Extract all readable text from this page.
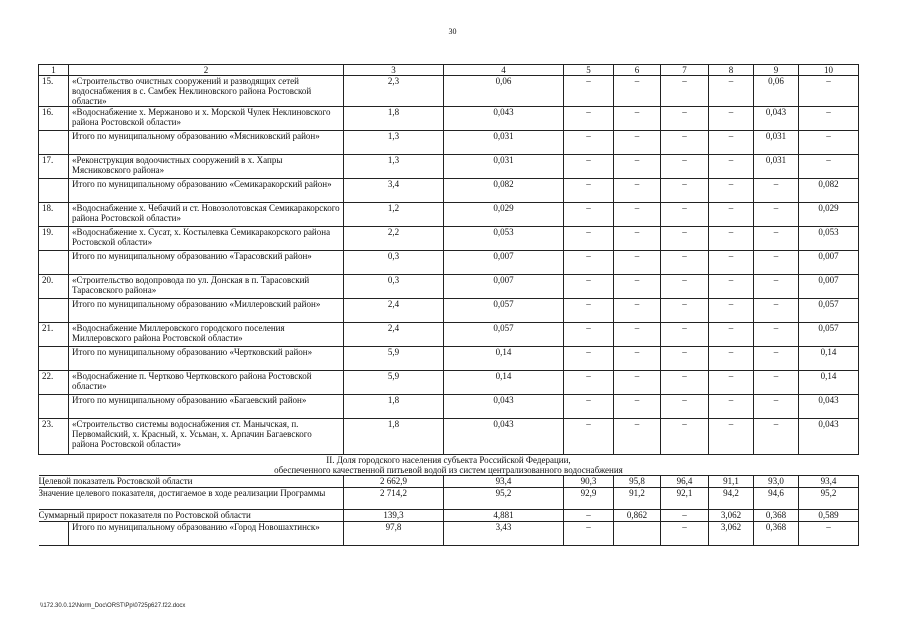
30
1	2	3	4	5	6	7	8	9	10
15.	«Строительство очистных сооружений и разводящих сетей водоснабжения в с. Самбек Неклиновского района Ростовской области»	2,3	0,06	–	–	–	–	0,06	–
16.	«Водоснабжение х. Мержаново и х. Морской Чулек Неклиновского района Ростовской области»	1,8	0,043	–	–	–	–	0,043	–
	Итого по муниципальному образованию «Мясниковский район»	1,3	0,031	–	–	–	–	0,031	–
17.	«Реконструкция водоочистных сооружений в х. Хапры Мясниковского района»	1,3	0,031	–	–	–	–	0,031	–
	Итого по муниципальному образованию «Семикаракорский район»	3,4	0,082	–	–	–	–	–	0,082
18.	«Водоснабжение х. Чебачий и ст. Новозолотовская Семикаракорского района Ростовской области»	1,2	0,029	–	–	–	–	–	0,029
19.	«Водоснабжение х. Сусат, х. Костылевка Семикаракорского района Ростовской области»	2,2	0,053	–	–	–	–	–	0,053
	Итого по муниципальному образованию «Тарасовский район»	0,3	0,007	–	–	–	–	–	0,007
20.	«Строительство водопровода по ул. Донская в п. Тарасовский Тарасовского района»	0,3	0,007	–	–	–	–	–	0,007
	Итого по муниципальному образованию «Миллеровский район»	2,4	0,057	–	–	–	–	–	0,057
21.	«Водоснабжение Миллеровского городского поселения Миллеровского района Ростовской области»	2,4	0,057	–	–	–	–	–	0,057
	Итого по муниципальному образованию «Чертковский район»	5,9	0,14	–	–	–	–	–	0,14
22.	«Водоснабжение п. Чертково Чертковского района Ростовской области»	5,9	0,14	–	–	–	–	–	0,14
	Итого по муниципальному образованию «Багаевский район»	1,8	0,043	–	–	–	–	–	0,043
23.	«Строительство системы водоснабжения ст. Манычская, п. Первомайский, х. Красный, х. Усьман, х. Арпачин Багаевского района Ростовской области»	1,8	0,043	–	–	–	–	–	0,043

II. Доля городского населения субъекта Российской Федерации,
обеспеченного качественной питьевой водой из систем централизованного водоснабжения									

Целевой показатель Ростовской области		2 662,9	93,4	90,3	95,8	96,4	91,1	93,0	93,4
Значение целевого показателя, достигаемое в ходе реализации Программы		2 714,2	95,2	92,9	91,2	92,1	94,2	94,6	95,2
Суммарный прирост показателя по Ростовской области		139,3	4,881	–	0,862	–	3,062	0,368	0,589
	Итого по муниципальному образованию «Город Новошахтинск»	97,8	3,43	–		–	3,062	0,368	–
\\172.30.0.12\Norm_Doc\ORST\Pp\0725p627.f22.docx
